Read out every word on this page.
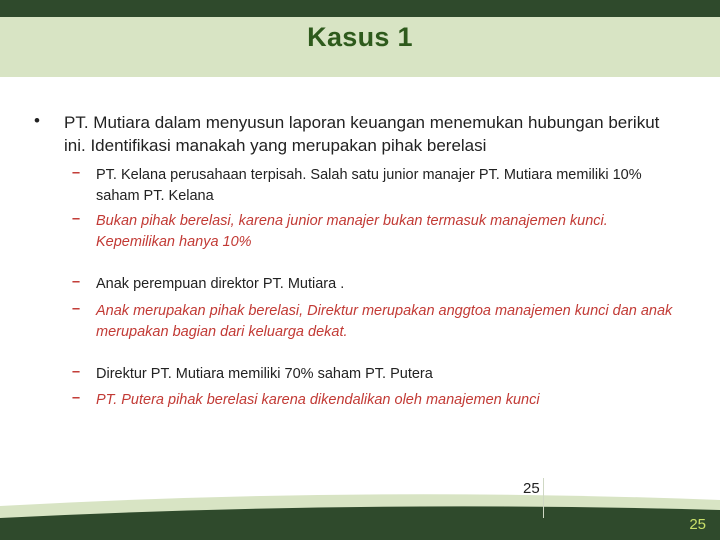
Kasus 1
• PT. Mutiara dalam menyusun laporan keuangan menemukan hubungan berikut ini. Identifikasi manakah yang merupakan pihak berelasi
– PT. Kelana perusahaan terpisah. Salah satu junior manajer PT. Mutiara memiliki 10% saham PT. Kelana
– Bukan pihak berelasi, karena junior manajer bukan termasuk manajemen kunci. Kepemilikan hanya 10%
– Anak perempuan direktor PT. Mutiara .
– Anak merupakan pihak berelasi, Direktur merupakan anggtoa manajemen kunci dan anak merupakan bagian dari keluarga dekat.
– Direktur PT. Mutiara memiliki 70% saham PT. Putera
– PT. Putera pihak berelasi karena dikendalikan oleh manajemen kunci
25
25
